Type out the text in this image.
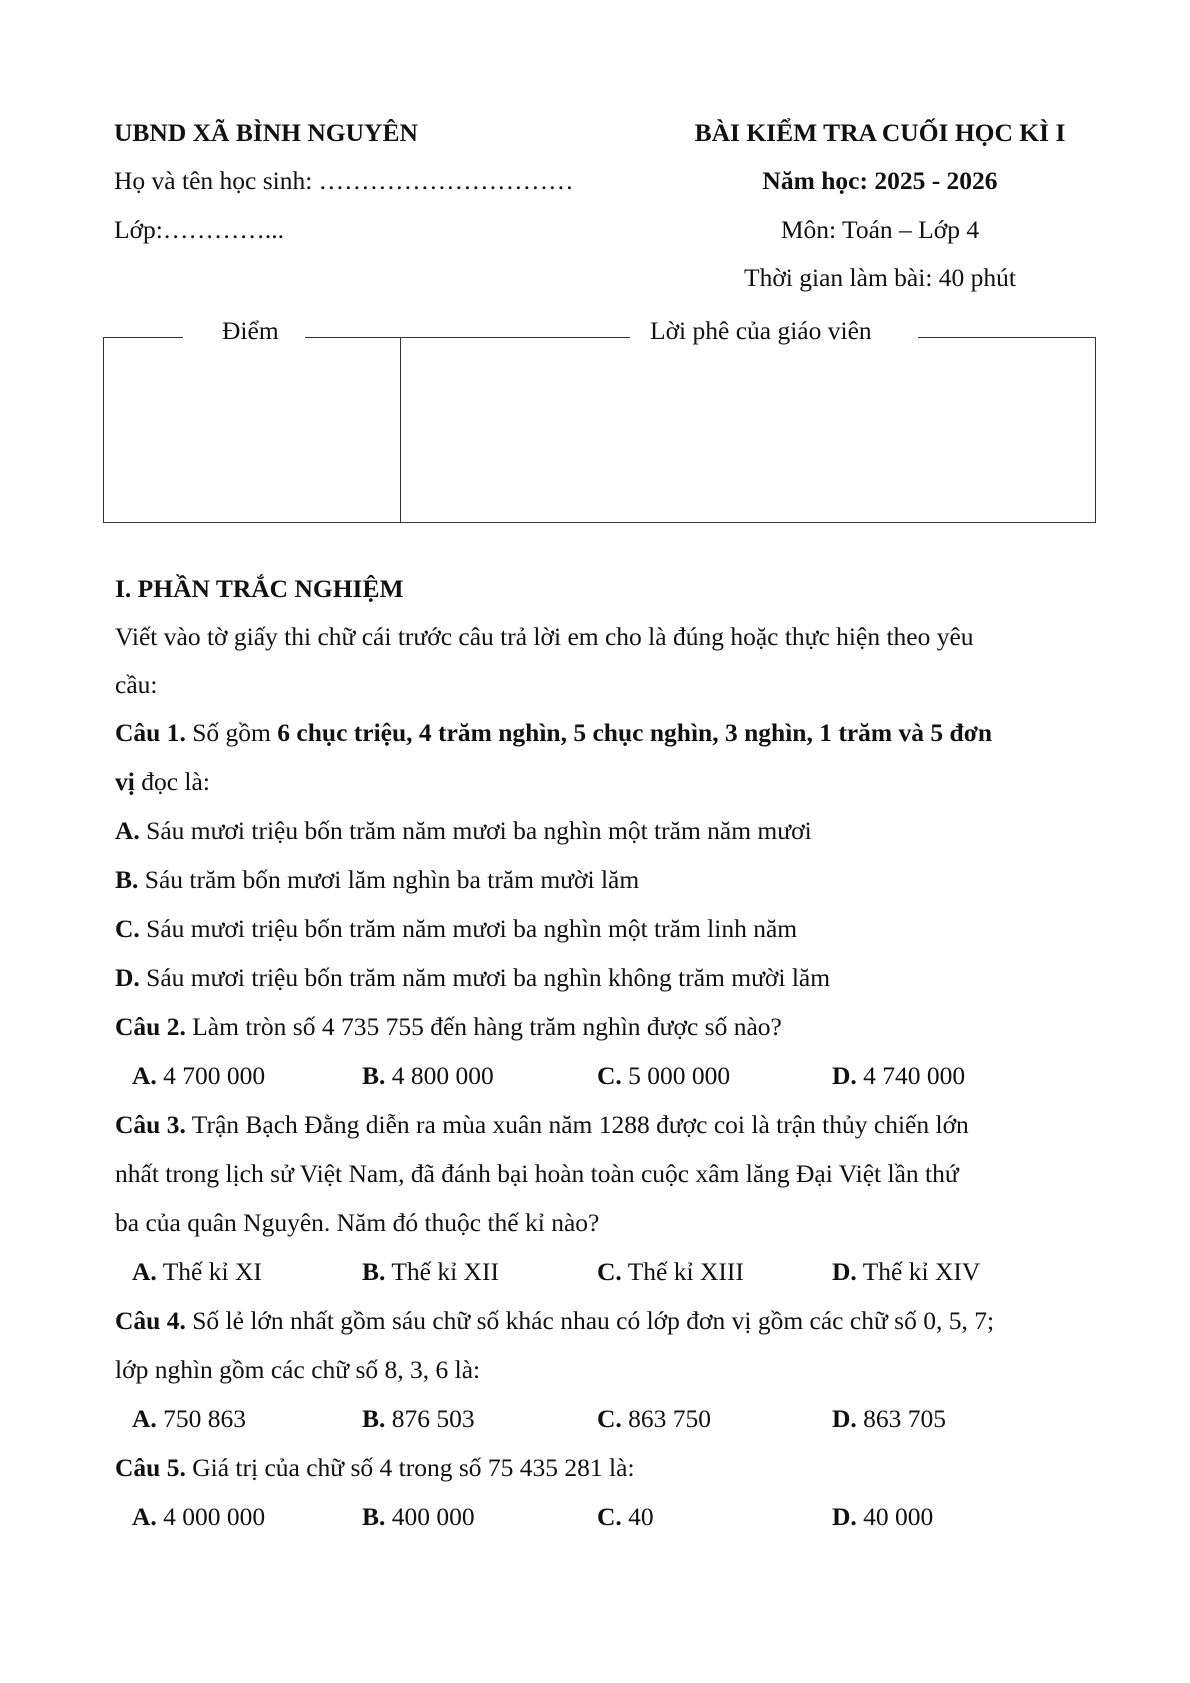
UBND XÃ BÌNH NGUYÊN
Họ và tên học sinh: …………………………
Lớp:…………...
BÀI KIỂM TRA CUỐI HỌC KÌ I
Năm học: 2025 - 2026
Môn: Toán – Lớp 4
Thời gian làm bài: 40 phút
Điểm	Lời phê của giáo viên
I. PHẦN TRẮC NGHIỆM
Viết vào tờ giấy thi chữ cái trước câu trả lời em cho là đúng hoặc thực hiện theo yêu
cầu:
Câu 1. Số gồm 6 chục triệu, 4 trăm nghìn, 5 chục nghìn, 3 nghìn, 1 trăm và 5 đơn
vị đọc là:
A. Sáu mươi triệu bốn trăm năm mươi ba nghìn một trăm năm mươi
B. Sáu trăm bốn mươi lăm nghìn ba trăm mười lăm
C. Sáu mươi triệu bốn trăm năm mươi ba nghìn một trăm linh năm
D. Sáu mươi triệu bốn trăm năm mươi ba nghìn không trăm mười lăm
Câu 2. Làm tròn số 4 735 755 đến hàng trăm nghìn được số nào?
A. 4 700 000	B. 4 800 000	C. 5 000 000	D. 4 740 000
Câu 3. Trận Bạch Đằng diễn ra mùa xuân năm 1288 được coi là trận thủy chiến lớn
nhất trong lịch sử Việt Nam, đã đánh bại hoàn toàn cuộc xâm lăng Đại Việt lần thứ
ba của quân Nguyên. Năm đó thuộc thế kỉ nào?
A. Thế kỉ XI	B. Thế kỉ XII	C. Thế kỉ XIII	D. Thế kỉ XIV
Câu 4. Số lẻ lớn nhất gồm sáu chữ số khác nhau có lớp đơn vị gồm các chữ số 0, 5, 7;
lớp nghìn gồm các chữ số 8, 3, 6 là:
A. 750 863	B. 876 503	C. 863 750	D. 863 705
Câu 5. Giá trị của chữ số 4 trong số 75 435 281 là:
A. 4 000 000	B. 400 000	C. 40	D. 40 000
